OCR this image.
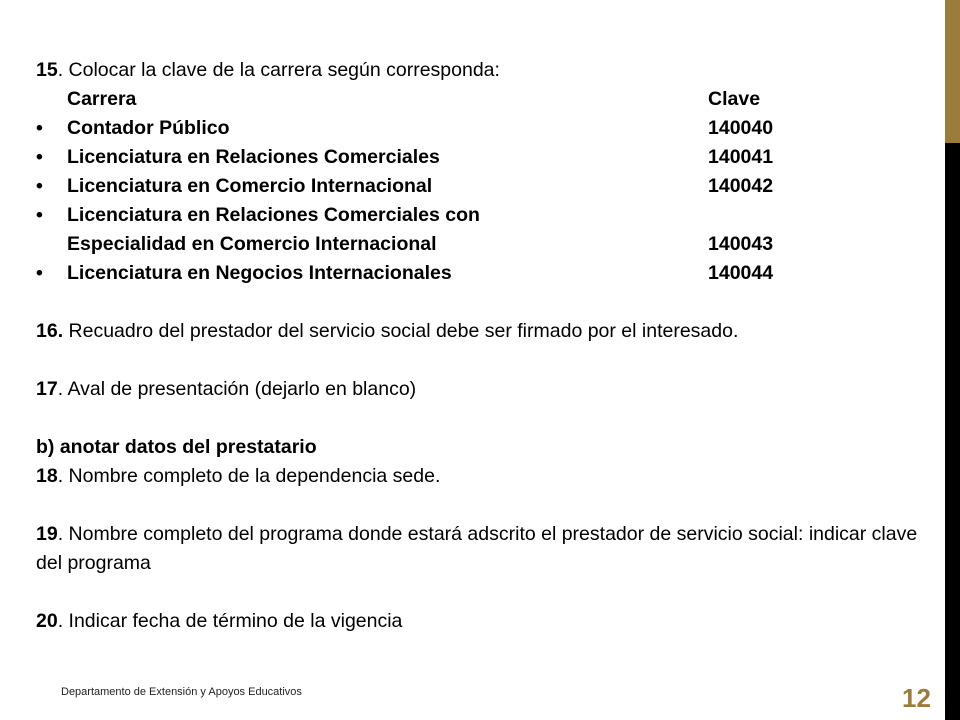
15. Colocar la clave de la carrera según corresponda:
Carrera	Clave
• Contador Público	140040
• Licenciatura en Relaciones Comerciales	140041
• Licenciatura en Comercio Internacional	140042
• Licenciatura en Relaciones Comerciales con
Especialidad en Comercio Internacional	140043
• Licenciatura en Negocios Internacionales	140044
16. Recuadro del prestador del servicio social debe ser firmado por el interesado.
17. Aval de presentación (dejarlo en blanco)
b) anotar datos del prestatario
18. Nombre completo de la dependencia sede.
19. Nombre completo del programa donde estará adscrito el prestador de servicio social: indicar clave del programa
20. Indicar fecha de término de la vigencia
Departamento de Extensión y Apoyos Educativos	12
